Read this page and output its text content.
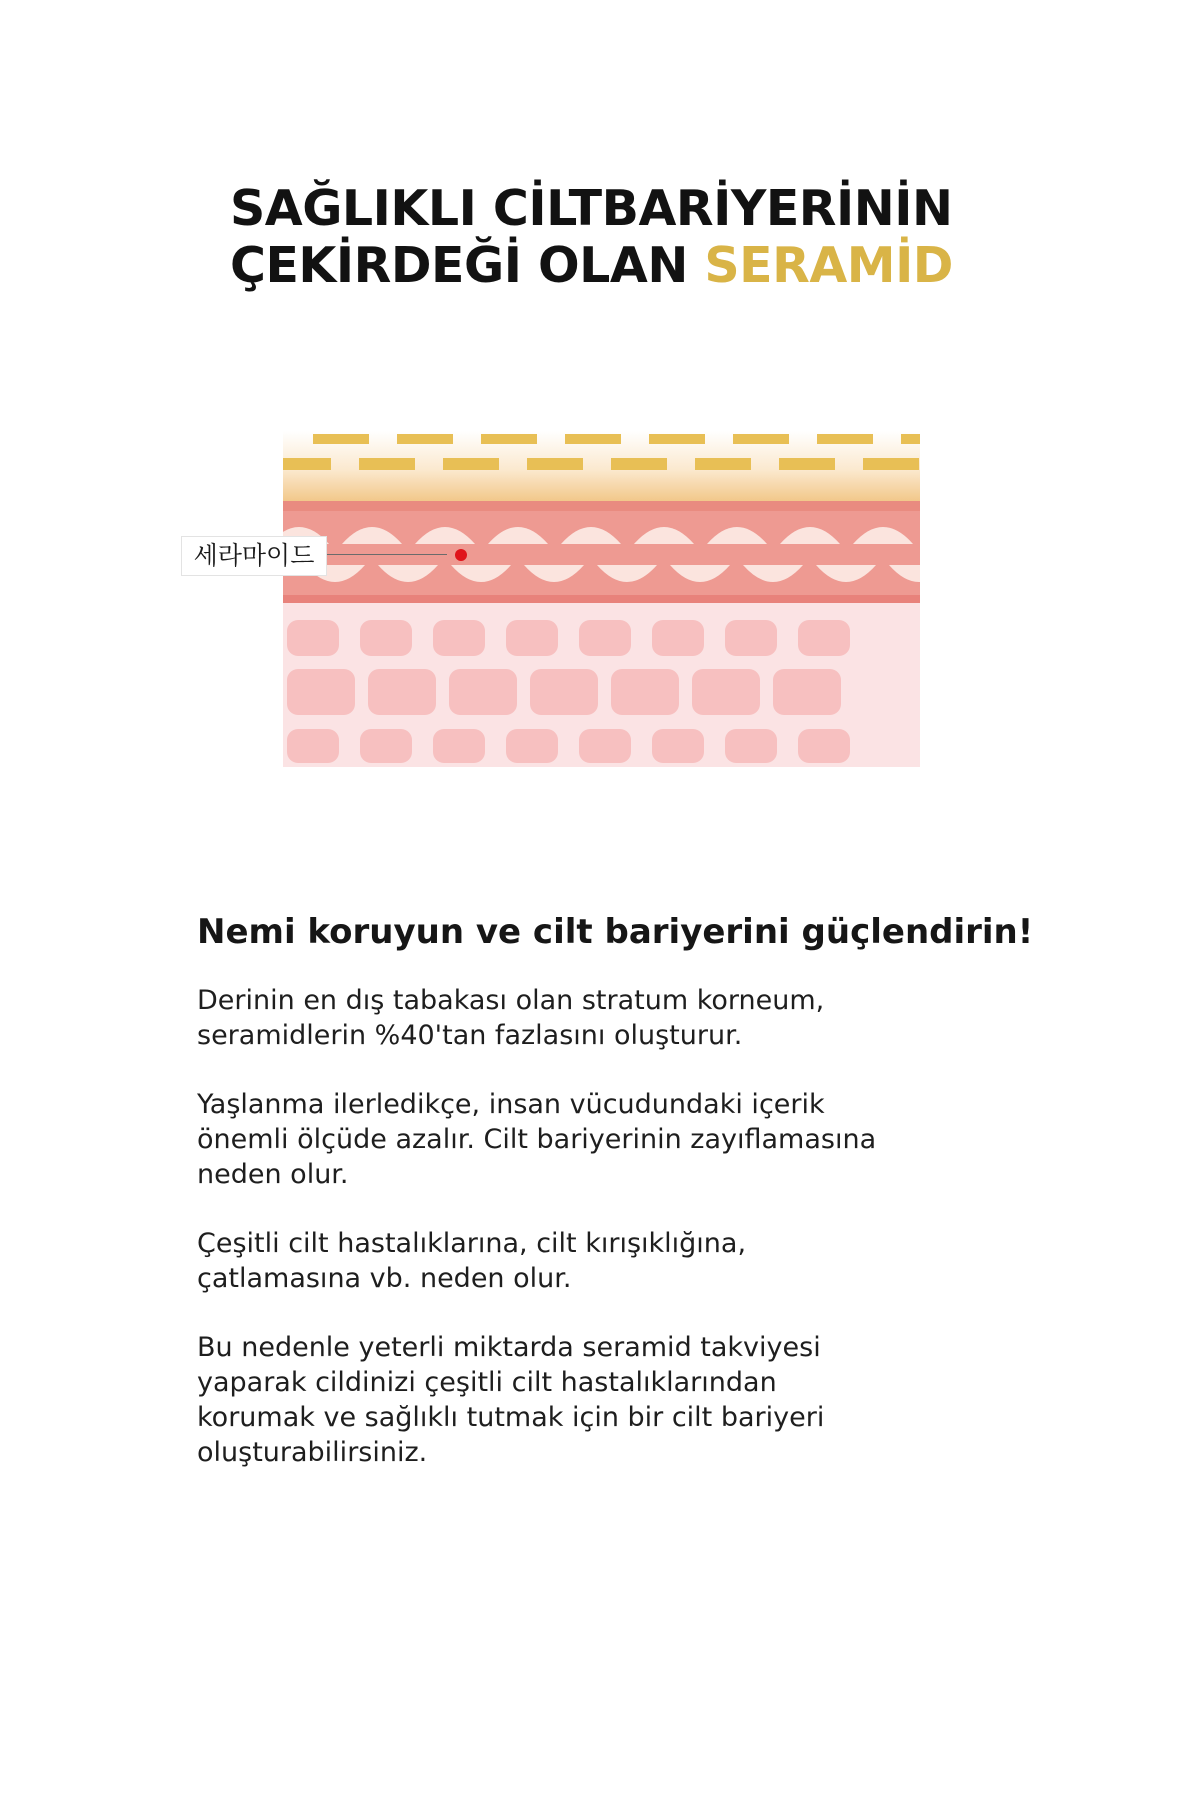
SAĞLIKLI CİLTBARİYERİNİN
ÇEKİRDEĞİ OLAN SERAMİD
세라마이드
Nemi koruyun ve cilt bariyerini güçlendirin!

Derinin en dış tabakası olan stratum korneum,
seramidlerin %40'tan fazlasını oluşturur.

Yaşlanma ilerledikçe, insan vücudundaki içerik
önemli ölçüde azalır. Cilt bariyerinin zayıflamasına
neden olur.

Çeşitli cilt hastalıklarına, cilt kırışıklığına,
çatlamasına vb. neden olur.

Bu nedenle yeterli miktarda seramid takviyesi
yaparak cildinizi çeşitli cilt hastalıklarından
korumak ve sağlıklı tutmak için bir cilt bariyeri
oluşturabilirsiniz.
